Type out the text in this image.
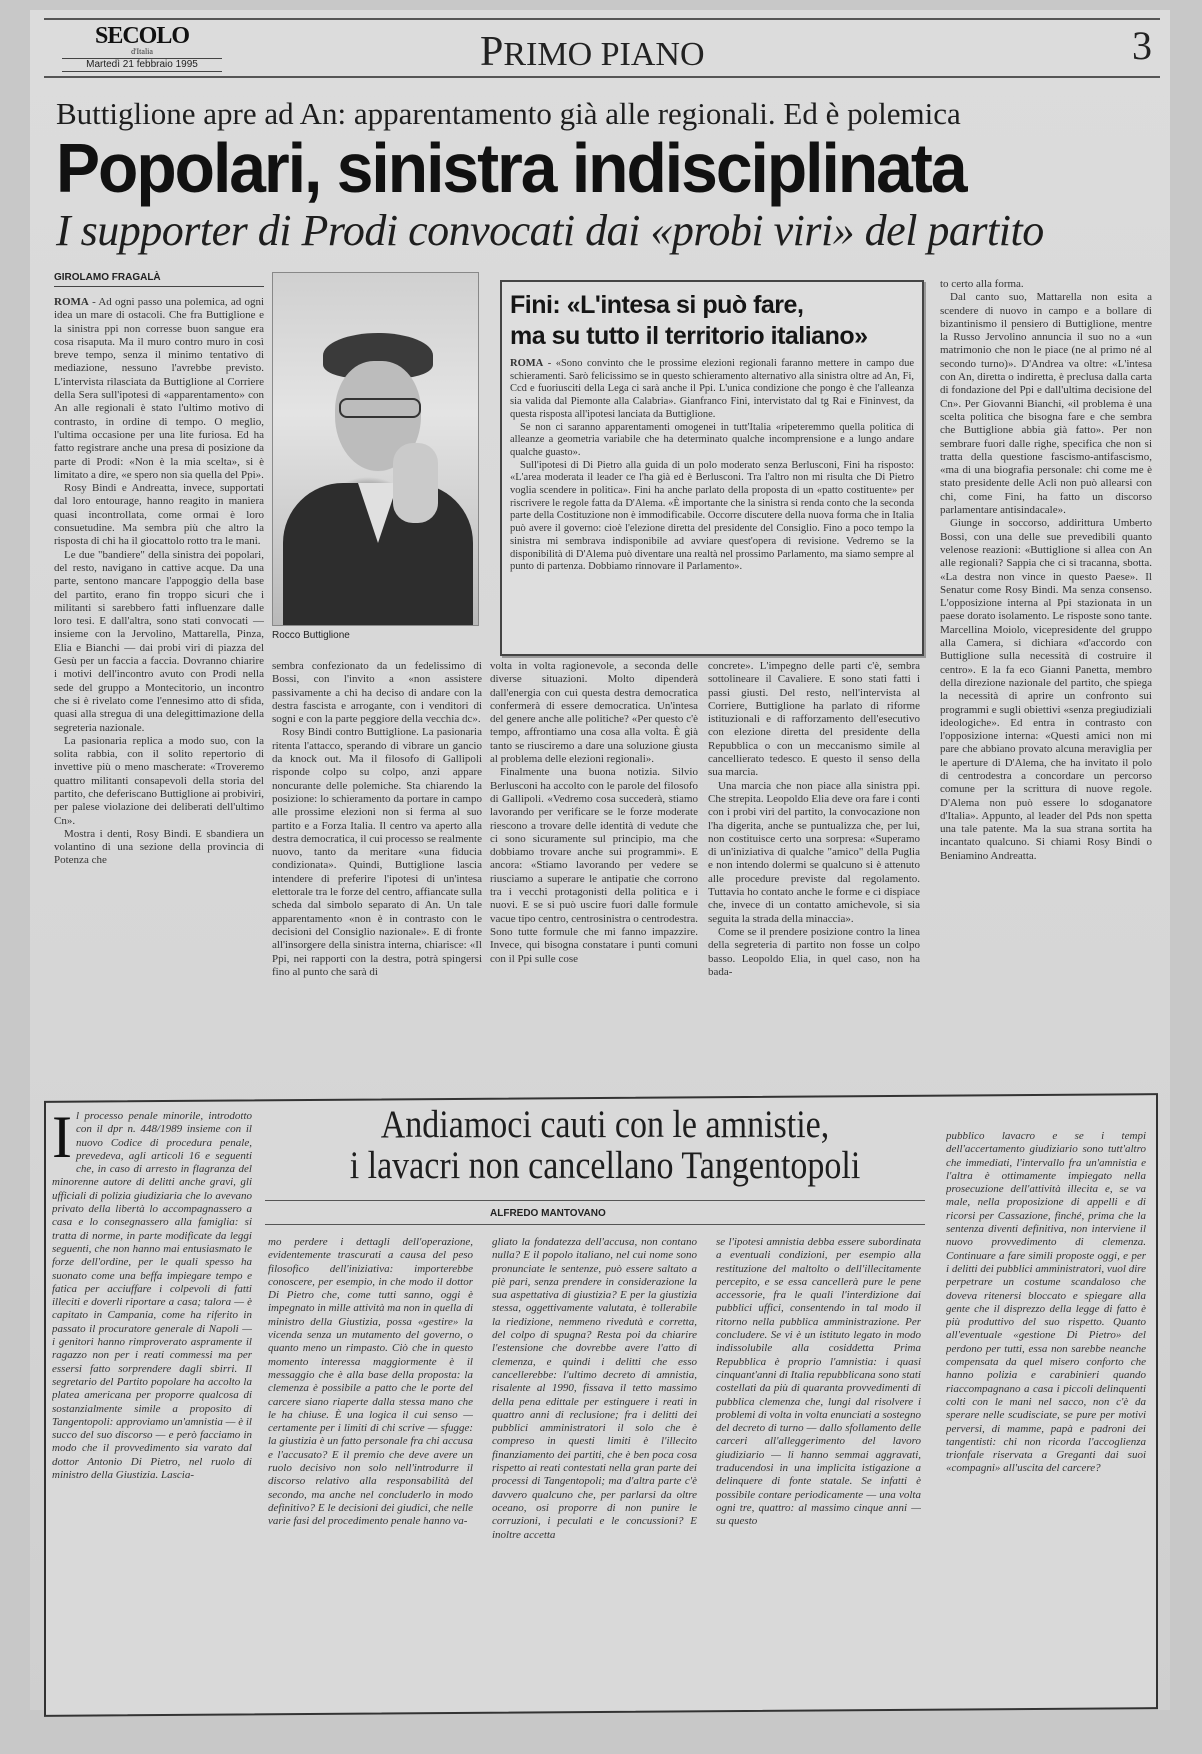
SECOLO
d'Italia
Martedì 21 febbraio 1995	PRIMO PIANO	3
Buttiglione apre ad An: apparentamento già alle regionali. Ed è polemica
Popolari, sinistra indisciplinata
I supporter di Prodi convocati dai «probi viri» del partito
GIROLAMO FRAGALÀ

ROMA - Ad ogni passo una polemica, ad ogni idea un mare di ostacoli. Che fra Buttiglione e la sinistra ppi non corresse buon sangue era cosa risaputa. Ma il muro contro muro in così breve tempo, senza il minimo tentativo di mediazione, nessuno l'avrebbe previsto. L'intervista rilasciata da Buttiglione al Corriere della Sera sull'ipotesi di «apparentamento» con An alle regionali è stato l'ultimo motivo di contrasto, in ordine di tempo. O meglio, l'ultima occasione per una lite furiosa. Ed ha fatto registrare anche una presa di posizione da parte di Prodi: «Non è la mia scelta», si è limitato a dire, «e spero non sia quella del Ppi».

Rosy Bindi e Andreatta, invece, supportati dal loro entourage, hanno reagito in maniera quasi incontrollata, come ormai è loro consuetudine. Ma sembra più che altro la risposta di chi ha il giocattolo rotto tra le mani.

Le due "bandiere" della sinistra dei popolari, del resto, navigano in cattive acque. Da una parte, sentono mancare l'appoggio della base del partito, erano fin troppo sicuri che i militanti si sarebbero fatti influenzare dalle loro tesi. E dall'altra, sono stati convocati — insieme con la Jervolino, Mattarella, Pinza, Elia e Bianchi — dai probi viri di piazza del Gesù per un faccia a faccia. Dovranno chiarire i motivi dell'incontro avuto con Prodi nella sede del gruppo a Montecitorio, un incontro che si è rivelato come l'ennesimo atto di sfida, quasi alla stregua di una delegittimazione della segreteria nazionale.

La pasionaria replica a modo suo, con la solita rabbia, con il solito repertorio di invettive più o meno mascherate: «Troveremo quattro militanti consapevoli della storia del partito, che deferiscano Buttiglione ai probiviri, per palese violazione dei deliberati dell'ultimo Cn».

Mostra i denti, Rosy Bindi. E sbandiera un volantino di una sezione della provincia di Potenza che

Rocco Buttiglione

sembra confezionato da un fedelissimo di Bossi, con l'invito a «non assistere passivamente a chi ha deciso di andare con la destra fascista e arrogante, con i venditori di sogni e con la parte peggiore della vecchia dc».

Rosy Bindi contro Buttiglione. La pasionaria ritenta l'attacco, sperando di vibrare un gancio da knock out. Ma il filosofo di Gallipoli risponde colpo su colpo, anzi appare noncurante delle polemiche. Sta chiarendo la posizione: lo schieramento da portare in campo alle prossime elezioni non si ferma al suo partito e a Forza Italia. Il centro va aperto alla destra democratica, il cui processo se realmente nuovo, tanto da meritare «una fiducia condizionata». Quindi, Buttiglione lascia intendere di preferire l'ipotesi di un'intesa elettorale tra le forze del centro, affiancate sulla scheda dal simbolo separato di An. Un tale apparentamento «non è in contrasto con le decisioni del Consiglio nazionale». E di fronte all'insorgere della sinistra interna, chiarisce: «Il Ppi, nei rapporti con la destra, potrà spingersi fino al punto che sarà di

Fini: «L'intesa si può fare,
ma su tutto il territorio italiano»

ROMA - «Sono convinto che le prossime elezioni regionali faranno mettere in campo due schieramenti. Sarò felicissimo se in questo schieramento alternativo alla sinistra oltre ad An, Fi, Ccd e fuoriusciti della Lega ci sarà anche il Ppi. L'unica condizione che pongo è che l'alleanza sia valida dal Piemonte alla Calabria». Gianfranco Fini, intervistato dal tg Rai e Fininvest, da questa risposta all'ipotesi lanciata da Buttiglione.

Se non ci saranno apparentamenti omogenei in tutt'Italia «ripeteremmo quella politica di alleanze a geometria variabile che ha determinato qualche incomprensione e a lungo andare qualche guasto».

Sull'ipotesi di Di Pietro alla guida di un polo moderato senza Berlusconi, Fini ha risposto: «L'area moderata il leader ce l'ha già ed è Berlusconi. Tra l'altro non mi risulta che Di Pietro voglia scendere in politica». Fini ha anche parlato della proposta di un «patto costituente» per riscrivere le regole fatta da D'Alema. «È importante che la sinistra si renda conto che la seconda parte della Costituzione non è immodificabile. Occorre discutere della nuova forma che in Italia può avere il governo: cioè l'elezione diretta del presidente del Consiglio. Fino a poco tempo la sinistra mi sembrava indisponibile ad avviare quest'opera di revisione. Vedremo se la disponibilità di D'Alema può diventare una realtà nel prossimo Parlamento, ma siamo sempre al punto di partenza. Dobbiamo rinnovare il Parlamento».

volta in volta ragionevole, a seconda delle diverse situazioni. Molto dipenderà dall'energia con cui questa destra democratica confermerà di essere democratica. Un'intesa del genere anche alle politiche? «Per questo c'è tempo, affrontiamo una cosa alla volta. È già tanto se riusciremo a dare una soluzione giusta al problema delle elezioni regionali».

Finalmente una buona notizia. Silvio Berlusconi ha accolto con le parole del filosofo di Gallipoli. «Vedremo cosa succederà, stiamo lavorando per verificare se le forze moderate riescono a trovare delle identità di vedute che ci sono sicuramente sul principio, ma che dobbiamo trovare anche sui programmi». E ancora: «Stiamo lavorando per vedere se riusciamo a superare le antipatie che corrono tra i vecchi protagonisti della politica e i nuovi. E se si può uscire fuori dalle formule vacue tipo centro, centrosinistra o centrodestra. Sono tutte formule che mi fanno impazzire. Invece, qui bisogna constatare i punti comuni con il Ppi sulle cose

concrete». L'impegno delle parti c'è, sembra sottolineare il Cavaliere. E sono stati fatti i passi giusti. Del resto, nell'intervista al Corriere, Buttiglione ha parlato di riforme istituzionali e di rafforzamento dell'esecutivo con elezione diretta del presidente della Repubblica o con un meccanismo simile al cancellierato tedesco. E questo il senso della sua marcia.

Una marcia che non piace alla sinistra ppi. Che strepita. Leopoldo Elia deve ora fare i conti con i probi viri del partito, la convocazione non l'ha digerita, anche se puntualizza che, per lui, non costituisce certo una sorpresa: «Superamo di un'iniziativa di qualche "amico" della Puglia e non intendo dolermi se qualcuno si è attenuto alle procedure previste dal regolamento. Tuttavia ho contato anche le forme e ci dispiace che, invece di un contatto amichevole, si sia seguita la strada della minaccia».

Come se il prendere posizione contro la linea della segreteria di partito non fosse un colpo basso. Leopoldo Elia, in quel caso, non ha bada-

to certo alla forma.

Dal canto suo, Mattarella non esita a scendere di nuovo in campo e a bollare di bizantinismo il pensiero di Buttiglione, mentre la Russo Jervolino annuncia il suo no a «un matrimonio che non le piace (ne al primo né al secondo turno)». D'Andrea va oltre: «L'intesa con An, diretta o indiretta, è preclusa dalla carta di fondazione del Ppi e dall'ultima decisione del Cn». Per Giovanni Bianchi, «il problema è una scelta politica che bisogna fare e che sembra che Buttiglione abbia già fatto». Per non sembrare fuori dalle righe, specifica che non si tratta della questione fascismo-antifascismo, «ma di una biografia personale: chi come me è stato presidente delle Acli non può allearsi con chi, come Fini, ha fatto un discorso parlamentare antisindacale».

Giunge in soccorso, addirittura Umberto Bossi, con una delle sue prevedibili quanto velenose reazioni: «Buttiglione si allea con An alle regionali? Sappia che ci si tracanna, sbotta. «La destra non vince in questo Paese». Il Senatur come Rosy Bindi. Ma senza consenso. L'opposizione interna al Ppi stazionata in un paese dorato isolamento. Le risposte sono tante. Marcellina Moiolo, vicepresidente del gruppo alla Camera, si dichiara «d'accordo con Buttiglione sulla necessità di costruire il centro». E la fa eco Gianni Panetta, membro della direzione nazionale del partito, che spiega la necessità di aprire un confronto sui programmi e sugli obiettivi «senza pregiudiziali ideologiche». Ed entra in contrasto con l'opposizione interna: «Questi amici non mi pare che abbiano provato alcuna meraviglia per le aperture di D'Alema, che ha invitato il polo di centrodestra a concordare un percorso comune per la scrittura di nuove regole. D'Alema non può essere lo sdoganatore d'Italia». Appunto, al leader del Pds non spetta una tale patente. Ma la sua strana sortita ha incantato qualcuno. Si chiami Rosy Bindi o Beniamino Andreatta.

Andiamoci cauti con le amnistie,
i lavacri non cancellano Tangentopoli
ALFREDO MANTOVANO

Il processo penale minorile, introdotto con il dpr n. 448/1989 insieme con il nuovo Codice di procedura penale, prevedeva, agli articoli 16 e seguenti che, in caso di arresto in flagranza del minorenne autore di delitti anche gravi, gli ufficiali di polizia giudiziaria che lo avevano privato della libertà lo accompagnassero a casa e lo consegnassero alla famiglia: si tratta di norme, in parte modificate da leggi seguenti, che non hanno mai entusiasmato le forze dell'ordine, per le quali spesso ha suonato come una beffa impiegare tempo e fatica per acciuffare i colpevoli di fatti illeciti e doverli riportare a casa; talora — è capitato in Campania, come ha riferito in passato il procuratore generale di Napoli — i genitori hanno rimproverato aspramente il ragazzo non per i reati commessi ma per essersi fatto sorprendere dagli sbirri. Il segretario del Partito popolare ha accolto la platea americana per proporre qualcosa di sostanzialmente simile a proposito di Tangentopoli: approviamo un'amnistia — è il succo del suo discorso — e però facciamo in modo che il provvedimento sia varato dal dottor Antonio Di Pietro, nel ruolo di ministro della Giustizia. Lascia-

mo perdere i dettagli dell'operazione, evidentemente trascurati a causa del peso filosofico dell'iniziativa: importerebbe conoscere, per esempio, in che modo il dottor Di Pietro che, come tutti sanno, oggi è impegnato in mille attività ma non in quella di ministro della Giustizia, possa «gestire» la vicenda senza un mutamento del governo, o quanto meno un rimpasto. Ciò che in questo momento interessa maggiormente è il messaggio che è alla base della proposta: la clemenza è possibile a patto che le porte del carcere siano riaperte dalla stessa mano che le ha chiuse. È una logica il cui senso — certamente per i limiti di chi scrive — sfugge: la giustizia è un fatto personale fra chi accusa e l'accusato? E il premio che deve avere un ruolo decisivo non solo nell'introdurre il discorso relativo alla responsabilità del secondo, ma anche nel concluderlo in modo definitivo? E le decisioni dei giudici, che nelle varie fasi del procedimento penale hanno va-

gliato la fondatezza dell'accusa, non contano nulla? E il popolo italiano, nel cui nome sono pronunciate le sentenze, può essere saltato a piè pari, senza prendere in considerazione la sua aspettativa di giustizia? E per la giustizia stessa, oggettivamente valutata, è tollerabile la riedizione, nemmeno rivedutà e corretta, del colpo di spugna? Resta poi da chiarire l'estensione che dovrebbe avere l'atto di clemenza, e quindi i delitti che esso cancellerebbe: l'ultimo decreto di amnistia, risalente al 1990, fissava il tetto massimo della pena edittale per estinguere i reati in quattro anni di reclusione; fra i delitti dei pubblici amministratori il solo che è compreso in questi limiti è l'illecito finanziamento dei partiti, che è ben poca cosa rispetto ai reati contestati nella gran parte dei processi di Tangentopoli; ma d'altra parte c'è davvero qualcuno che, per parlarsi da oltre oceano, osi proporre di non punire le corruzioni, i peculati e le concussioni? E inoltre accetta

se l'ipotesi amnistia debba essere subordinata a eventuali condizioni, per esempio alla restituzione del maltolto o dell'illecitamente percepito, e se essa cancellerà pure le pene accessorie, fra le quali l'interdizione dai pubblici uffici, consentendo in tal modo il ritorno nella pubblica amministrazione. Per concludere. Se vi è un istituto legato in modo indissolubile alla cosiddetta Prima Repubblica è proprio l'amnistia: i quasi cinquant'anni di Italia repubblicana sono stati costellati da più di quaranta provvedimenti di pubblica clemenza che, lungi dal risolvere i problemi di volta in volta enunciati a sostegno del decreto di turno — dallo sfollamento delle carceri all'alleggerimento del lavoro giudiziario — li hanno semmai aggravati, traducendosi in una implicita istigazione a delinquere di fonte statale. Se infatti è possibile contare periodicamente — una volta ogni tre, quattro: al massimo cinque anni — su questo

pubblico lavacro e se i tempi dell'accertamento giudiziario sono tutt'altro che immediati, l'intervallo fra un'amnistia e l'altra è ottimamente impiegato nella prosecuzione dell'attività illecita e, se va male, nella proposizione di appelli e di ricorsi per Cassazione, finché, prima che la sentenza diventi definitiva, non interviene il nuovo provvedimento di clemenza. Continuare a fare simili proposte oggi, e per i delitti dei pubblici amministratori, vuol dire perpetrare un costume scandaloso che doveva ritenersi bloccato e spiegare alla gente che il disprezzo della legge di fatto è più produttivo del suo rispetto. Quanto all'eventuale «gestione Di Pietro» del perdono per tutti, essa non sarebbe neanche compensata da quel misero conforto che hanno polizia e carabinieri quando riaccompagnano a casa i piccoli delinquenti colti con le mani nel sacco, non c'è da sperare nelle scudisciate, se pure per motivi perversi, di mamme, papà e padroni dei tangentisti: chi non ricorda l'accoglienza trionfale riservata a Greganti dai suoi «compagni» all'uscita del carcere?
